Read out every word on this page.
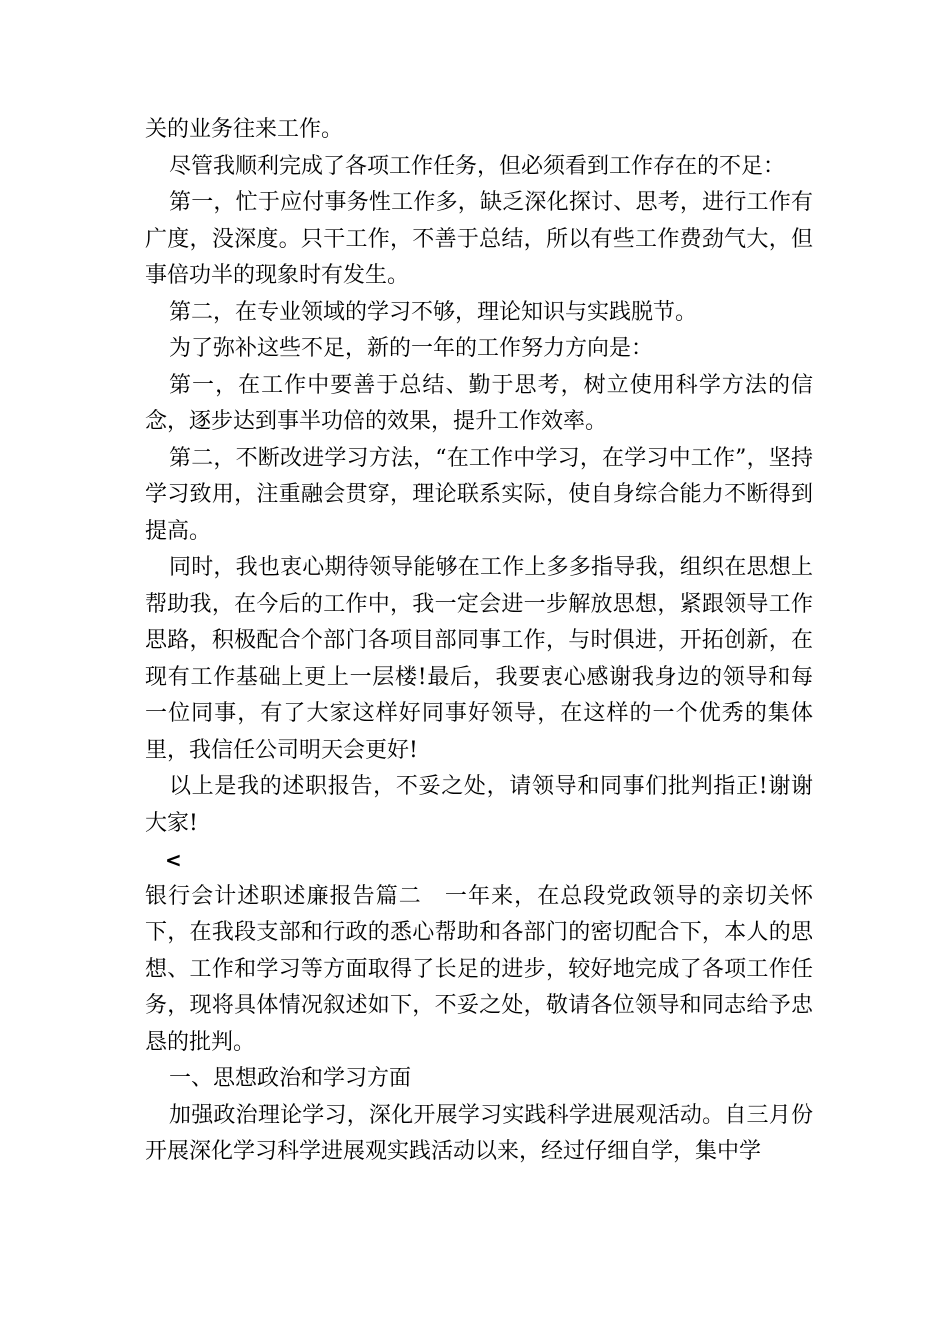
关的业务往来工作。

尽管我顺利完成了各项工作任务，但必须看到工作存在的不足：

第一，忙于应付事务性工作多，缺乏深化探讨、思考，进行工作有广度，没深度。只干工作，不善于总结，所以有些工作费劲气大，但事倍功半的现象时有发生。

第二，在专业领域的学习不够，理论知识与实践脱节。

为了弥补这些不足，新的一年的工作努力方向是：

第一，在工作中要善于总结、勤于思考，树立使用科学方法的信念，逐步达到事半功倍的效果，提升工作效率。

第二，不断改进学习方法，“在工作中学习，在学习中工作”，坚持学习致用，注重融会贯穿，理论联系实际，使自身综合能力不断得到提高。

同时，我也衷心期待领导能够在工作上多多指导我，组织在思想上帮助我，在今后的工作中，我一定会进一步解放思想，紧跟领导工作思路，积极配合个部门各项目部同事工作，与时俱进，开拓创新，在现有工作基础上更上一层楼!最后，我要衷心感谢我身边的领导和每一位同事，有了大家这样好同事好领导，在这样的一个优秀的集体里，我信任公司明天会更好!

以上是我的述职报告，不妥之处，请领导和同事们批判指正!谢谢大家!

<

银行会计述职述廉报告篇二　一年来，在总段党政领导的亲切关怀下，在我段支部和行政的悉心帮助和各部门的密切配合下，本人的思想、工作和学习等方面取得了长足的进步，较好地完成了各项工作任务，现将具体情况叙述如下，不妥之处，敬请各位领导和同志给予忠恳的批判。

一、思想政治和学习方面

加强政治理论学习，深化开展学习实践科学进展观活动。自三月份开展深化学习科学进展观实践活动以来，经过仔细自学，集中学
